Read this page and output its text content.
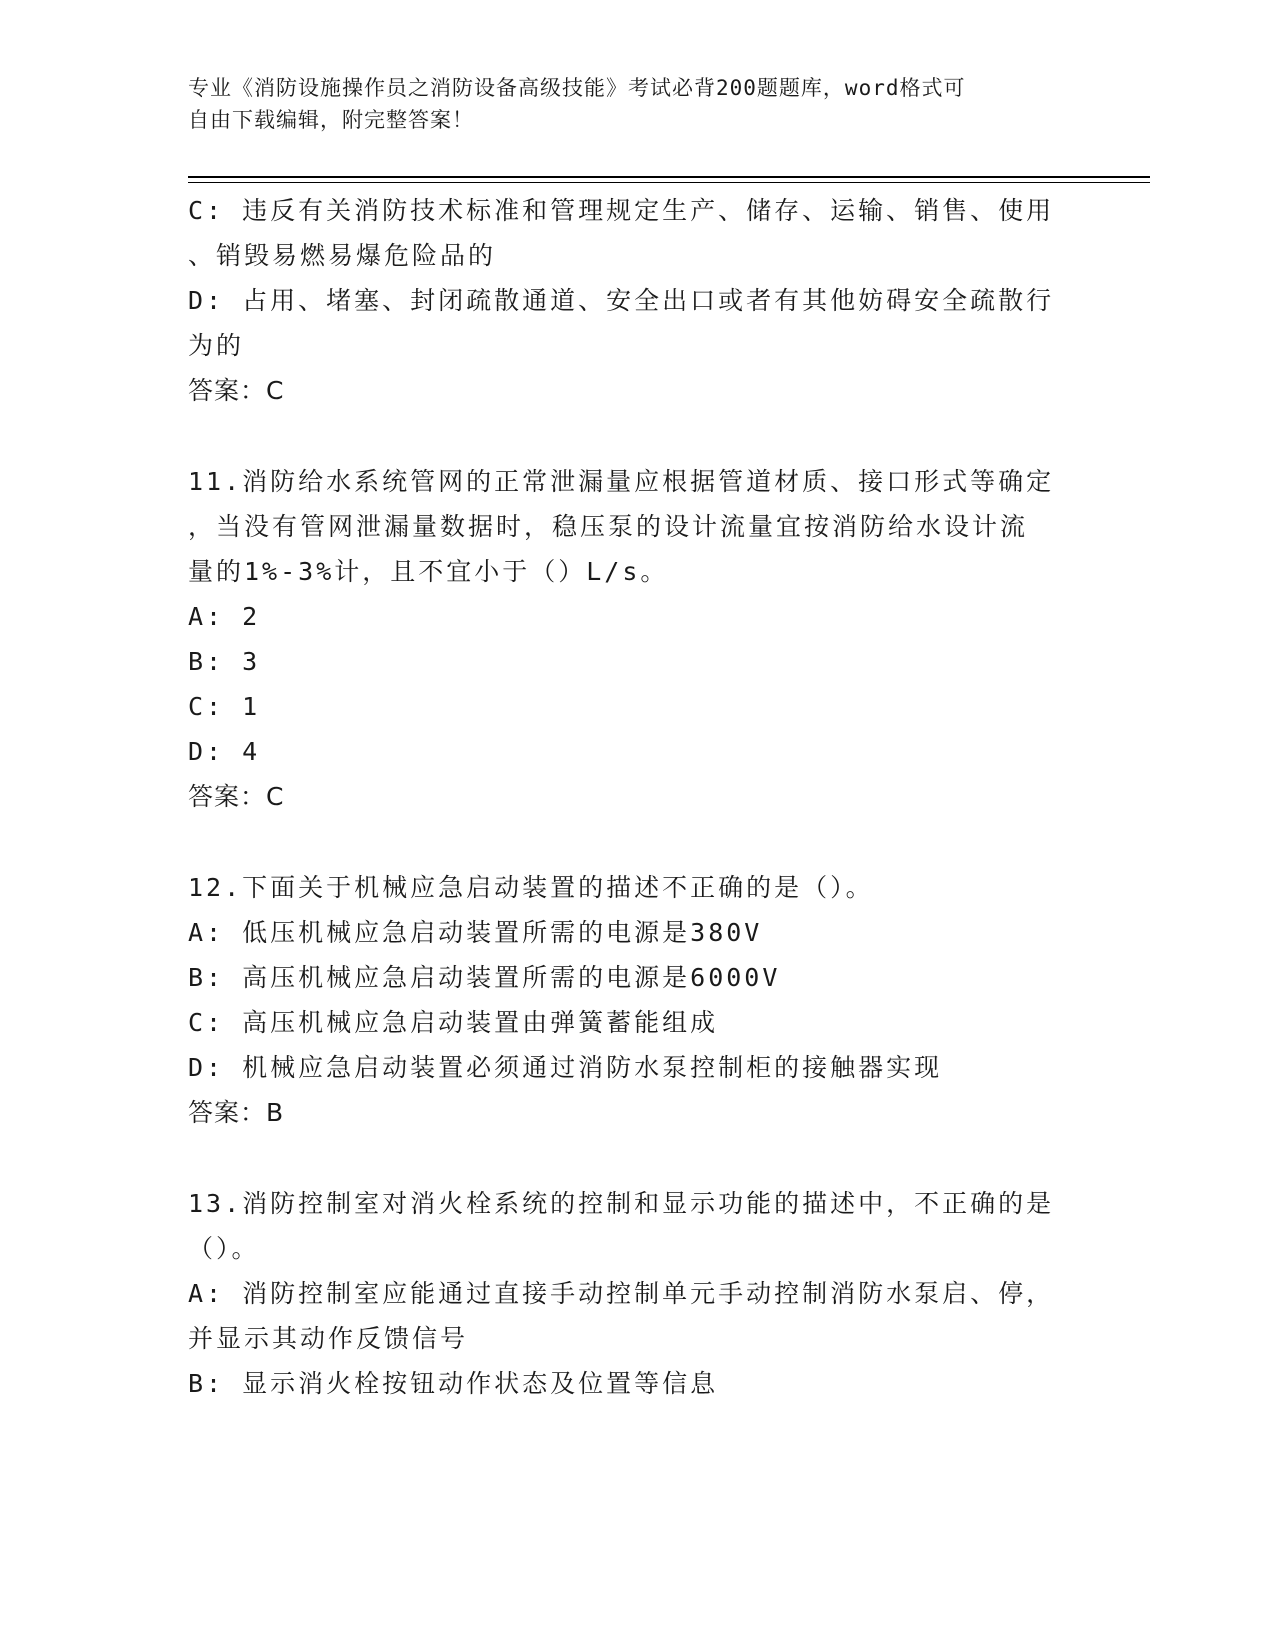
专业《消防设施操作员之消防设备高级技能》考试必背200题题库，word格式可
自由下载编辑，附完整答案！
C: 违反有关消防技术标准和管理规定生产、储存、运输、销售、使用
、销毁易燃易爆危险品的
D: 占用、堵塞、封闭疏散通道、安全出口或者有其他妨碍安全疏散行
为的
答案：C
11.消防给水系统管网的正常泄漏量应根据管道材质、接口形式等确定
，当没有管网泄漏量数据时，稳压泵的设计流量宜按消防给水设计流
量的1%-3%计，且不宜小于（）L/s。
A: 2
B: 3
C: 1
D: 4
答案：C
12.下面关于机械应急启动装置的描述不正确的是（）。
A: 低压机械应急启动装置所需的电源是380V
B: 高压机械应急启动装置所需的电源是6000V
C: 高压机械应急启动装置由弹簧蓄能组成
D: 机械应急启动装置必须通过消防水泵控制柜的接触器实现
答案：B
13.消防控制室对消火栓系统的控制和显示功能的描述中，不正确的是
（）。
A: 消防控制室应能通过直接手动控制单元手动控制消防水泵启、停，
并显示其动作反馈信号
B: 显示消火栓按钮动作状态及位置等信息
